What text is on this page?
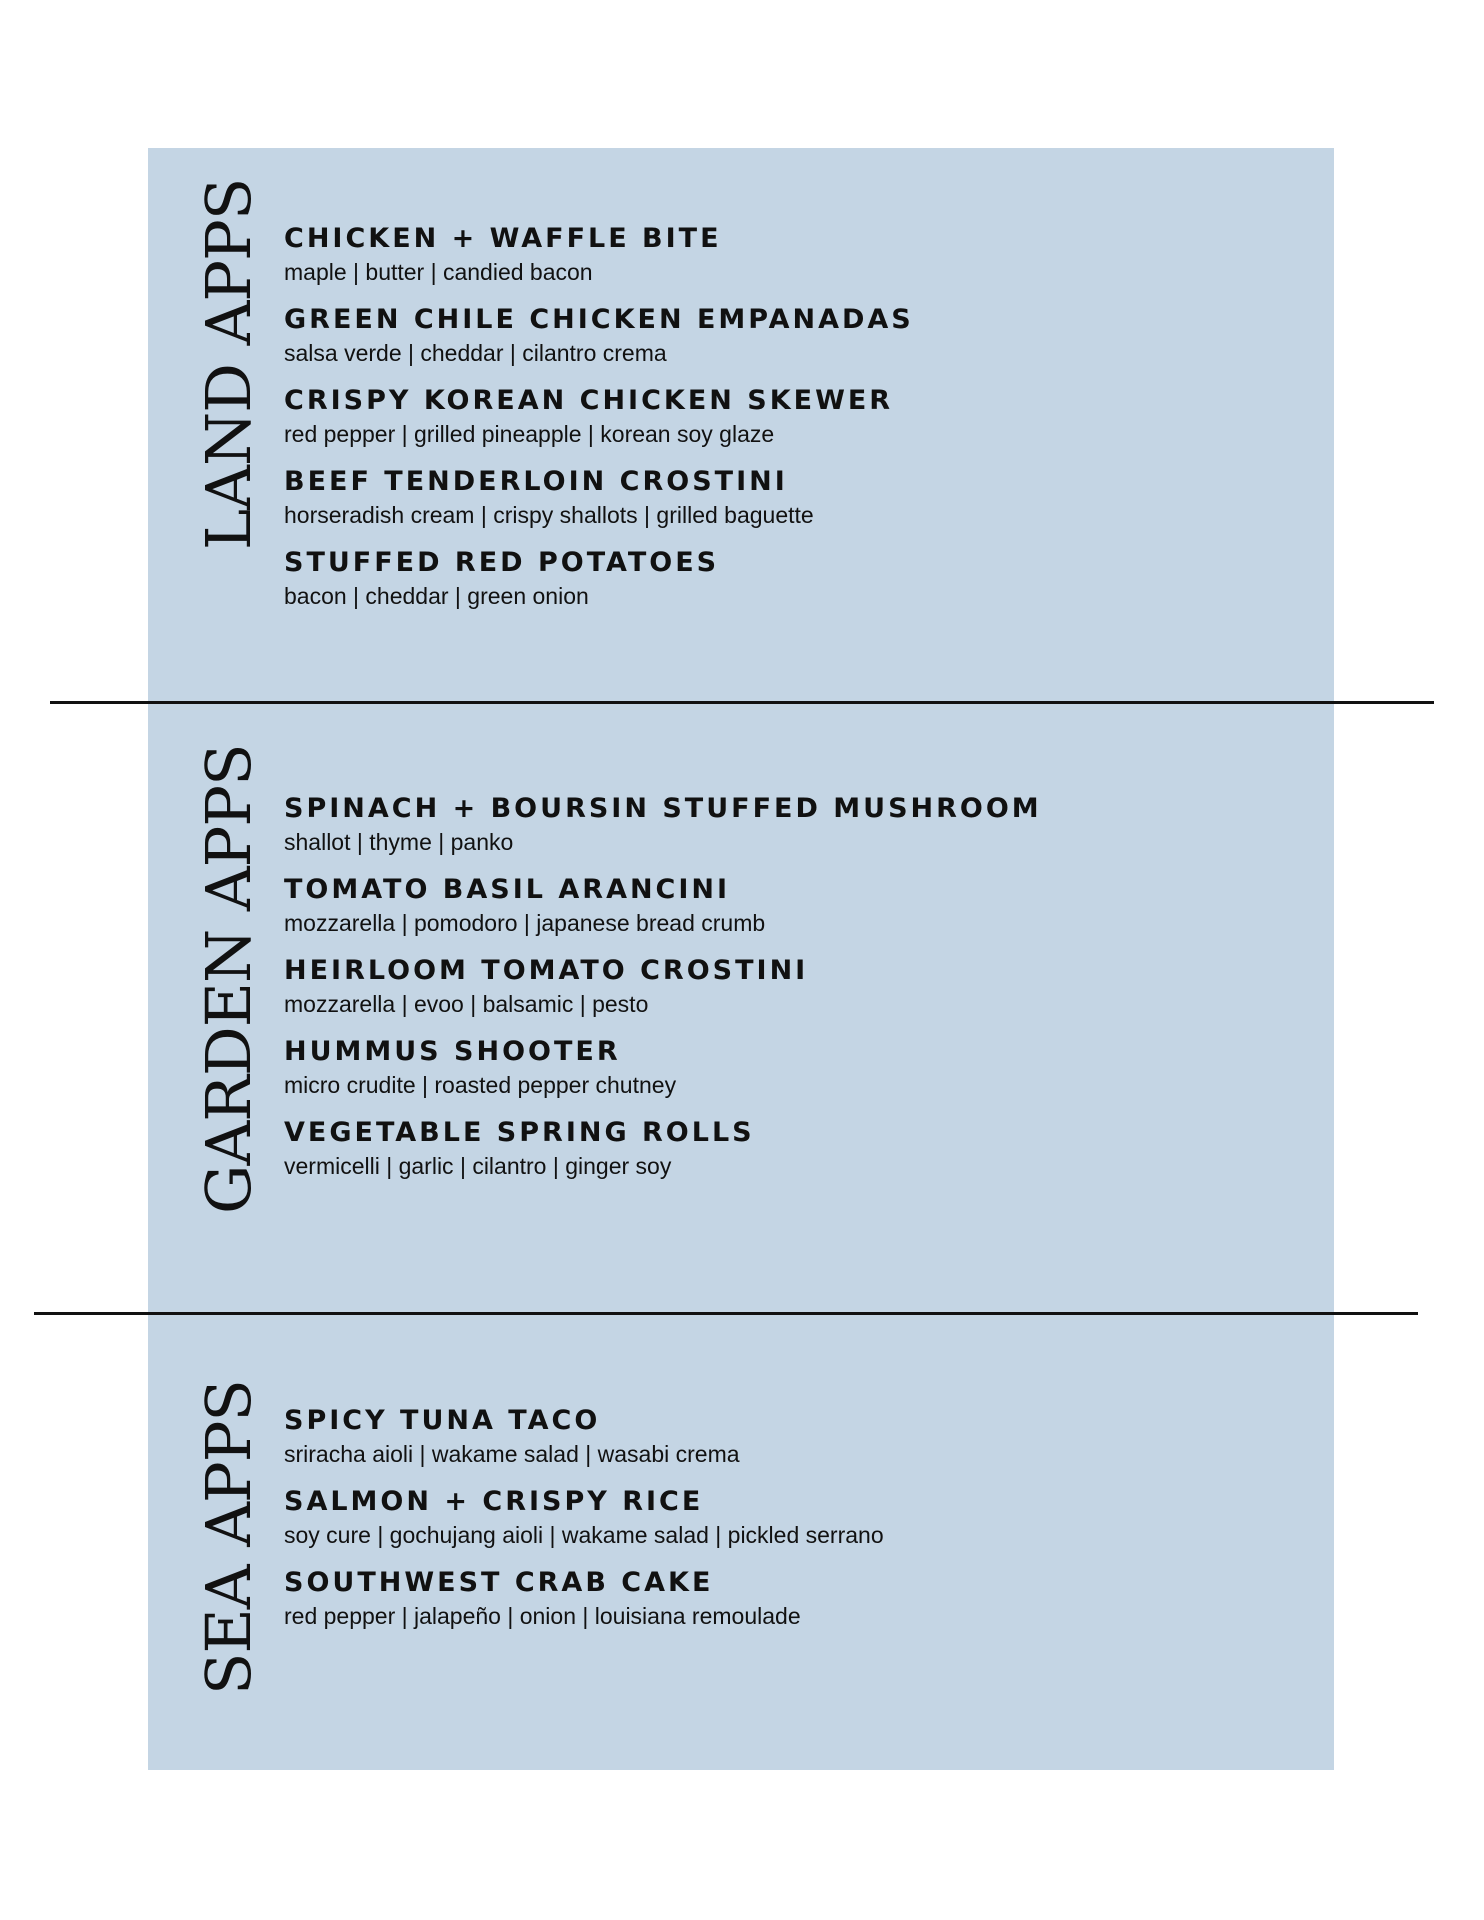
LAND APPS
GARDEN APPS
SEA APPS
CHICKEN + WAFFLE BITE
maple | butter | candied bacon
GREEN CHILE CHICKEN EMPANADAS
salsa verde | cheddar | cilantro crema
CRISPY KOREAN CHICKEN SKEWER
red pepper | grilled pineapple | korean soy glaze
BEEF TENDERLOIN CROSTINI
horseradish cream | crispy shallots | grilled baguette
STUFFED RED POTATOES
bacon | cheddar | green onion
SPINACH + BOURSIN STUFFED MUSHROOM
shallot | thyme | panko
TOMATO BASIL ARANCINI
mozzarella | pomodoro | japanese bread crumb
HEIRLOOM TOMATO CROSTINI
mozzarella | evoo | balsamic | pesto
HUMMUS SHOOTER
micro crudite | roasted pepper chutney
VEGETABLE SPRING ROLLS
vermicelli | garlic | cilantro | ginger soy
SPICY TUNA TACO
sriracha aioli | wakame salad | wasabi crema
SALMON + CRISPY RICE
soy cure | gochujang aioli | wakame salad | pickled serrano
SOUTHWEST CRAB CAKE
red pepper | jalapeño | onion | louisiana remoulade
